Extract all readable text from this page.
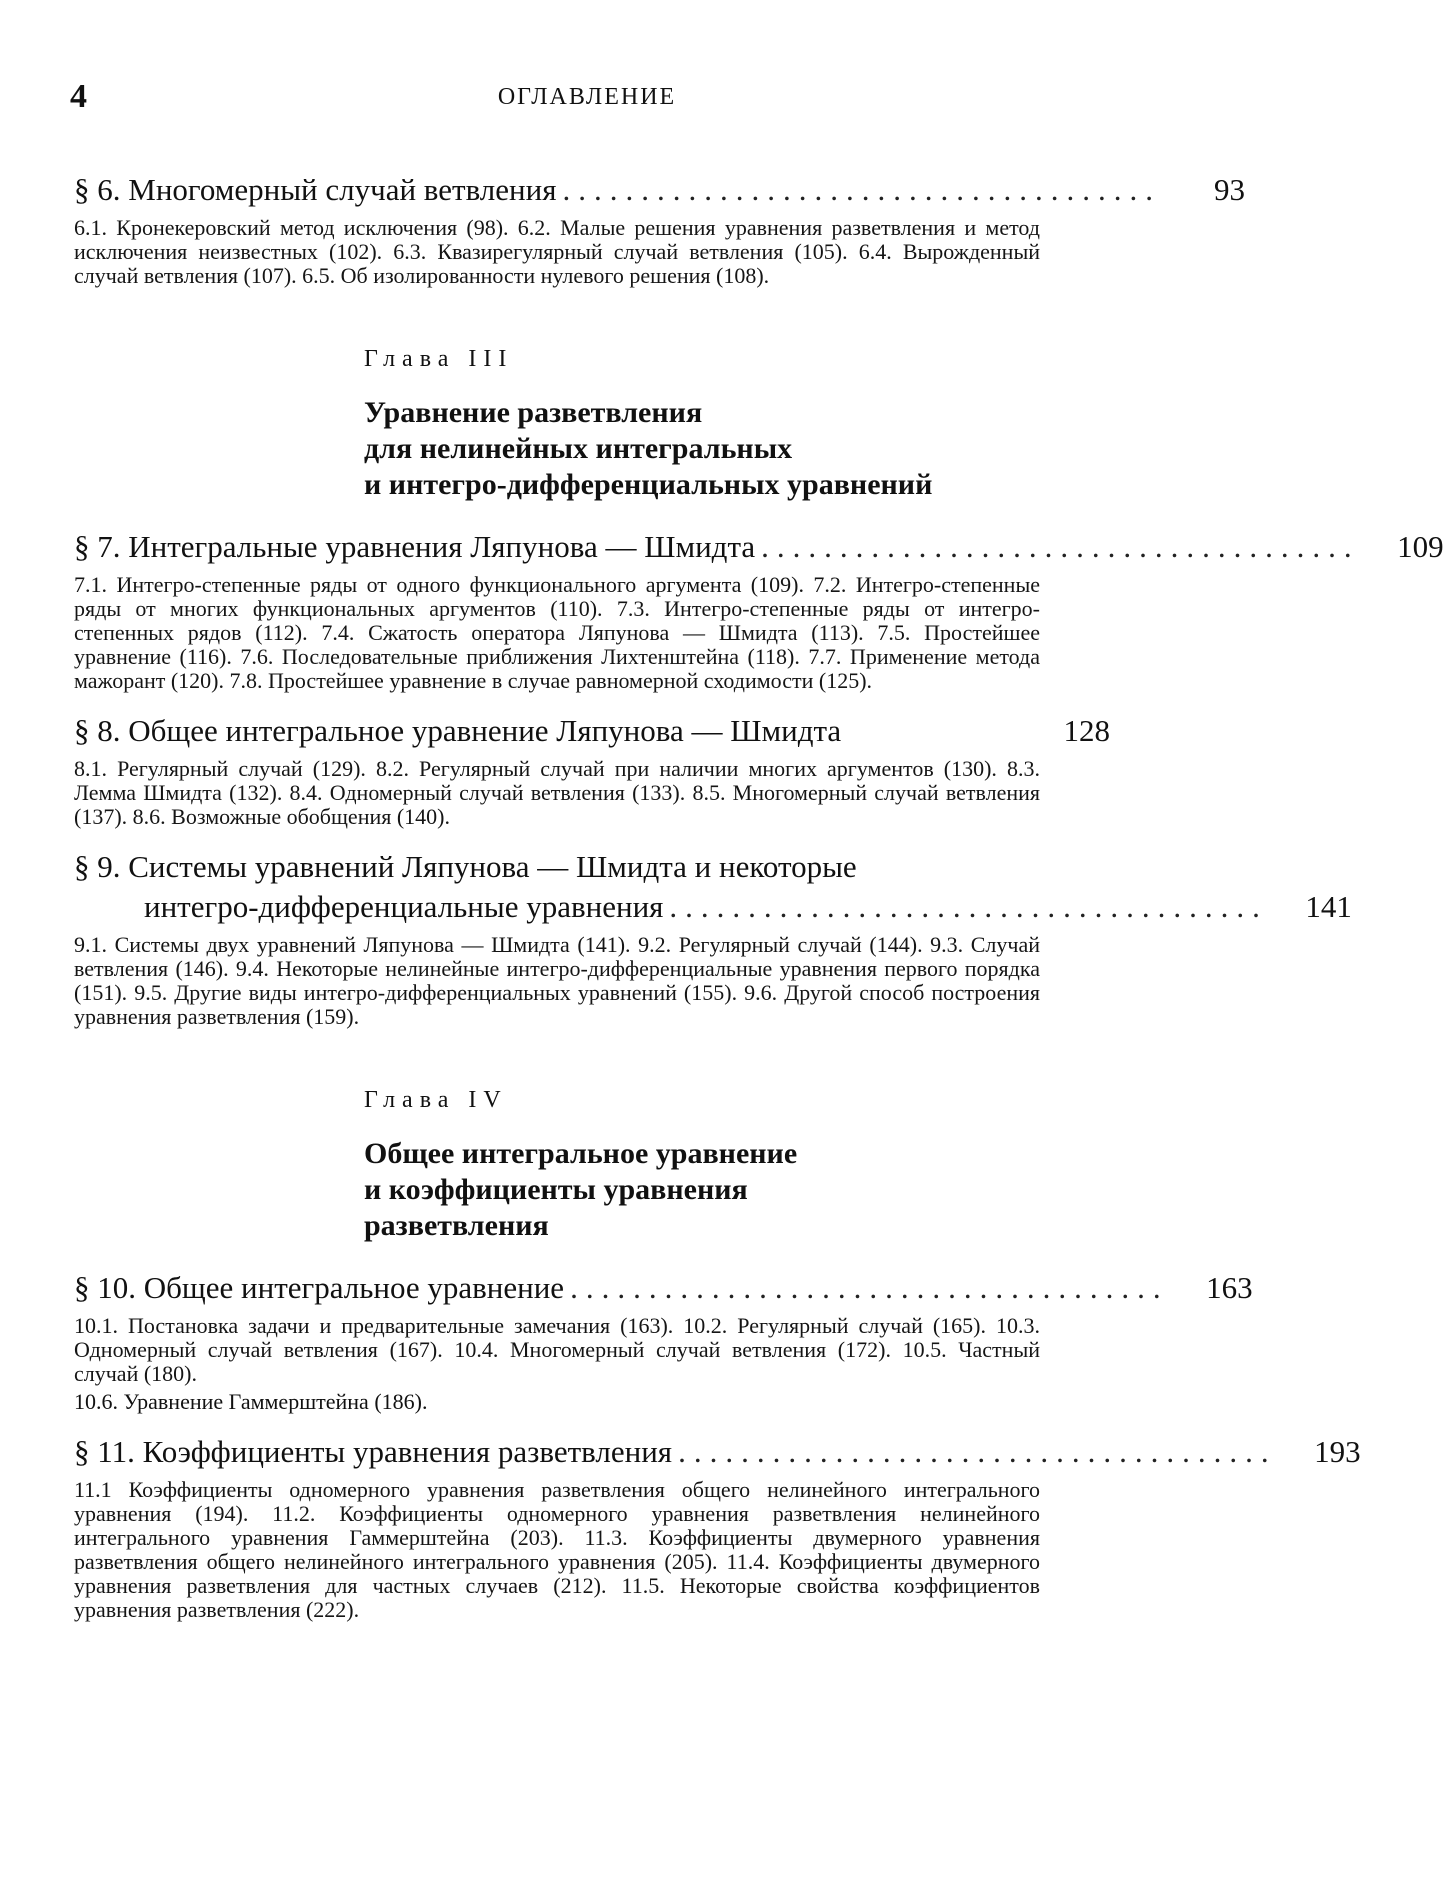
4	ОГЛАВЛЕНИЕ
§ 6. Многомерный случай ветвления ......................................	93
6.1. Кронекеровский метод исключения (98). 6.2. Малые решения уравнения разветвления и метод исключения неизвестных (102). 6.3. Квазирегулярный случай ветвления (105). 6.4. Вырожденный случай ветвления (107). 6.5. Об изолированности нулевого решения (108).
Глава III
Уравнение разветвления
для нелинейных интегральных
и интегро-дифференциальных уравнений
§ 7. Интегральные уравнения Ляпунова — Шмидта ......................................	109
7.1. Интегро-степенные ряды от одного функционального аргумента (109). 7.2. Интегро-степенные ряды от многих функциональных аргументов (110). 7.3. Интегро-степенные ряды от интегро-степенных рядов (112). 7.4. Сжатость оператора Ляпунова — Шмидта (113). 7.5. Простейшее уравнение (116). 7.6. Последовательные приближения Лихтенштейна (118). 7.7. Применение метода мажорант (120). 7.8. Простейшее уравнение в случае равномерной сходимости (125).
§ 8. Общее интегральное уравнение Ляпунова — Шмидта	128
8.1. Регулярный случай (129). 8.2. Регулярный случай при наличии многих аргументов (130). 8.3. Лемма Шмидта (132). 8.4. Одномерный случай ветвления (133). 8.5. Многомерный случай ветвления (137). 8.6. Возможные обобщения (140).
§ 9. Системы уравнений Ляпунова — Шмидта и некоторые
интегро-дифференциальные уравнения ......................................	141
9.1. Системы двух уравнений Ляпунова — Шмидта (141). 9.2. Регулярный случай (144). 9.3. Случай ветвления (146). 9.4. Некоторые нелинейные интегро-дифференциальные уравнения первого порядка (151). 9.5. Другие виды интегро-дифференциальных уравнений (155). 9.6. Другой способ построения уравнения разветвления (159).
Глава IV
Общее интегральное уравнение
и коэффициенты уравнения
разветвления
§ 10. Общее интегральное уравнение ......................................	163
10.1. Постановка задачи и предварительные замечания (163). 10.2. Регулярный случай (165). 10.3. Одномерный случай ветвления (167). 10.4. Многомерный случай ветвления (172). 10.5. Частный случай (180).
10.6. Уравнение Гаммерштейна (186).
§ 11. Коэффициенты уравнения разветвления ......................................	193
11.1 Коэффициенты одномерного уравнения разветвления общего нелинейного интегрального уравнения (194). 11.2. Коэффициенты одномерного уравнения разветвления нелинейного интегрального уравнения Гаммерштейна (203). 11.3. Коэффициенты двумерного уравнения разветвления общего нелинейного интегрального уравнения (205). 11.4. Коэффициенты двумерного уравнения разветвления для частных случаев (212). 11.5. Некоторые свойства коэффициентов уравнения разветвления (222).
